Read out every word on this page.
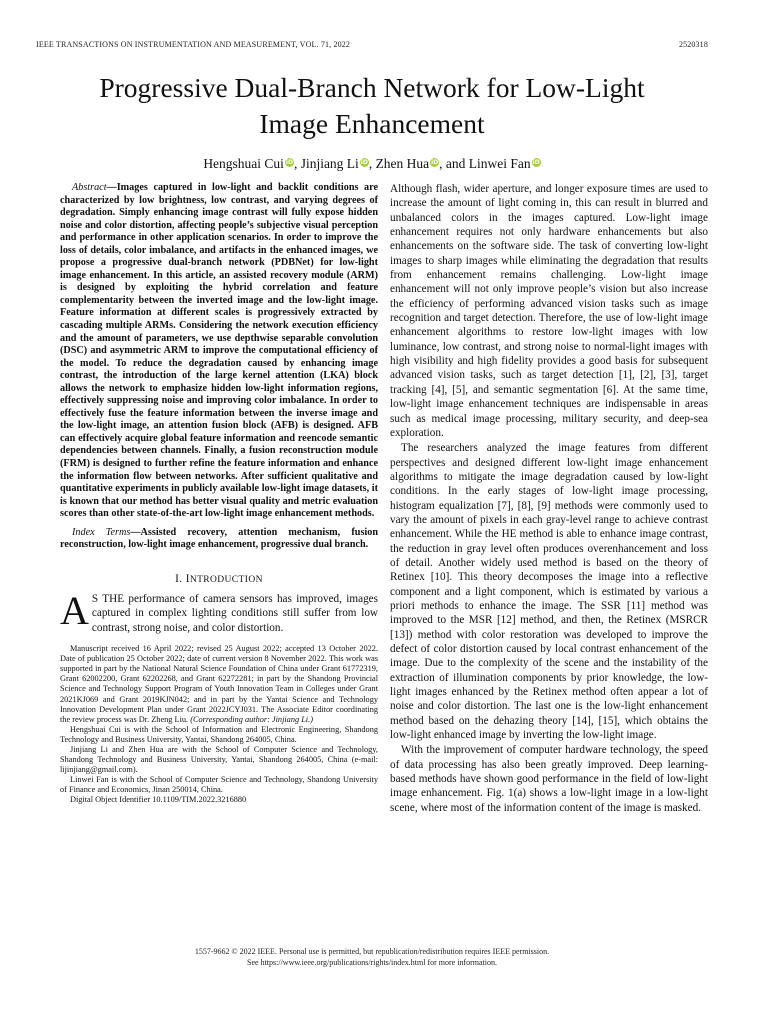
IEEE TRANSACTIONS ON INSTRUMENTATION AND MEASUREMENT, VOL. 71, 2022	2520318
Progressive Dual-Branch Network for Low-Light
Image Enhancement
Hengshuai Cui iD, Jinjiang Li iD, Zhen Hua iD, and Linwei Fan iD

Abstract—Images captured in low-light and backlit conditions are characterized by low brightness, low contrast, and varying degrees of degradation. Simply enhancing image contrast will fully expose hidden noise and color distortion, affecting people’s subjective visual perception and performance in other application scenarios. In order to improve the loss of details, color imbalance, and artifacts in the enhanced images, we propose a progressive dual-branch network (PDBNet) for low-light image enhancement. In this article, an assisted recovery module (ARM) is designed by exploiting the hybrid correlation and feature complementarity between the inverted image and the low-light image. Feature information at different scales is progressively extracted by cascading multiple ARMs. Considering the network execution efficiency and the amount of parameters, we use depthwise separable convolution (DSC) and asymmetric ARM to improve the computational efficiency of the model. To reduce the degradation caused by enhancing image contrast, the introduction of the large kernel attention (LKA) block allows the network to emphasize hidden low-light information regions, effectively suppressing noise and improving color imbalance. In order to effectively fuse the feature information between the inverse image and the low-light image, an attention fusion block (AFB) is designed. AFB can effectively acquire global feature information and reencode semantic dependencies between channels. Finally, a fusion reconstruction module (FRM) is designed to further refine the feature information and enhance the information flow between networks. After sufficient qualitative and quantitative experiments in publicly available low-light image datasets, it is known that our method has better visual quality and metric evaluation scores than other state-of-the-art low-light image enhancement methods.

Index Terms—Assisted recovery, attention mechanism, fusion reconstruction, low-light image enhancement, progressive dual branch.
I. INTRODUCTION
A S THE performance of camera sensors has improved, images captured in complex lighting conditions still suffer from low contrast, strong noise, and color distortion.

Manuscript received 16 April 2022; revised 25 August 2022; accepted 13 October 2022. Date of publication 25 October 2022; date of current version 8 November 2022. This work was supported in part by the National Natural Science Foundation of China under Grant 61772319, Grant 62002200, Grant 62202268, and Grant 62272281; in part by the Shandong Provincial Science and Technology Support Program of Youth Innovation Team in Colleges under Grant 2021KJ069 and Grant 2019KJN042; and in part by the Yantai Science and Technology Innovation Development Plan under Grant 2022JCYJ031. The Associate Editor coordinating the review process was Dr. Zheng Liu. (Corresponding author: Jinjiang Li.)

Hengshuai Cui is with the School of Information and Electronic Engineering, Shandong Technology and Business University, Yantai, Shandong 264005, China.

Jinjiang Li and Zhen Hua are with the School of Computer Science and Technology, Shandong Technology and Business University, Yantai, Shandong 264005, China (e-mail: lijinjiang@gmail.com).

Linwei Fan is with the School of Computer Science and Technology, Shandong University of Finance and Economics, Jinan 250014, China.

Digital Object Identifier 10.1109/TIM.2022.3216880

Although flash, wider aperture, and longer exposure times are used to increase the amount of light coming in, this can result in blurred and unbalanced colors in the images captured. Low-light image enhancement requires not only hardware enhancements but also enhancements on the software side. The task of converting low-light images to sharp images while eliminating the degradation that results from enhancement remains challenging. Low-light image enhancement will not only improve people’s vision but also increase the efficiency of performing advanced vision tasks such as image recognition and target detection. Therefore, the use of low-light image enhancement algorithms to restore low-light images with low luminance, low contrast, and strong noise to normal-light images with high visibility and high fidelity provides a good basis for subsequent advanced vision tasks, such as target detection [1], [2], [3], target tracking [4], [5], and semantic segmentation [6]. At the same time, low-light image enhancement techniques are indispensable in areas such as medical image processing, military security, and deep-sea exploration.

The researchers analyzed the image features from different perspectives and designed different low-light image enhancement algorithms to mitigate the image degradation caused by low-light conditions. In the early stages of low-light image processing, histogram equalization [7], [8], [9] methods were commonly used to vary the amount of pixels in each gray-level range to achieve contrast enhancement. While the HE method is able to enhance image contrast, the reduction in gray level often produces overenhancement and loss of detail. Another widely used method is based on the theory of Retinex [10]. This theory decomposes the image into a reflective component and a light component, which is estimated by various a priori methods to enhance the image. The SSR [11] method was improved to the MSR [12] method, and then, the Retinex (MSRCR [13]) method with color restoration was developed to improve the defect of color distortion caused by local contrast enhancement of the image. Due to the complexity of the scene and the instability of the extraction of illumination components by prior knowledge, the low-light images enhanced by the Retinex method often appear a lot of noise and color distortion. The last one is the low-light enhancement method based on the dehazing theory [14], [15], which obtains the low-light enhanced image by inverting the low-light image.

With the improvement of computer hardware technology, the speed of data processing has also been greatly improved. Deep learning-based methods have shown good performance in the field of low-light image enhancement. Fig. 1(a) shows a low-light image in a low-light scene, where most of the information content of the image is masked.

1557-9662 © 2022 IEEE. Personal use is permitted, but republication/redistribution requires IEEE permission.
See https://www.ieee.org/publications/rights/index.html for more information.
